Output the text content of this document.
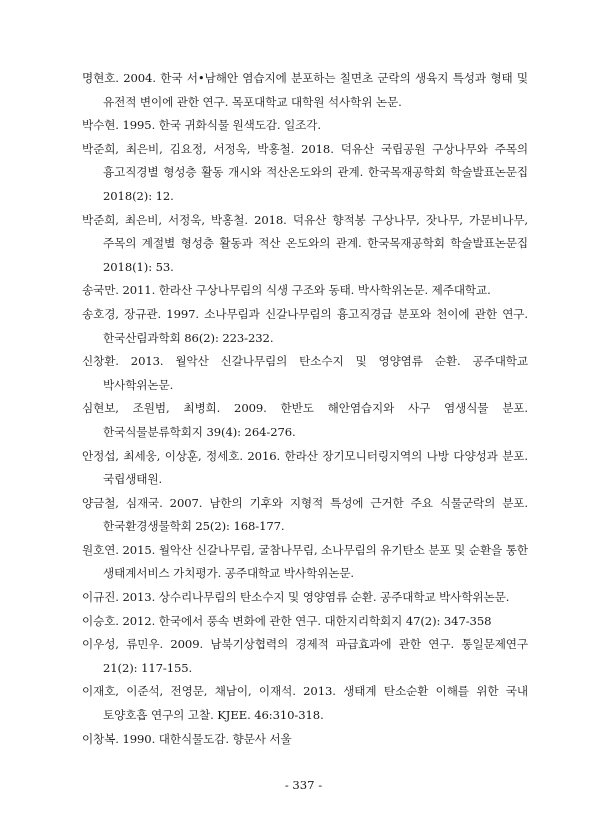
명현호. 2004. 한국 서•남해안 염습지에 분포하는 칠면초 군락의 생육지 특성과 형태 및 유전적 변이에 관한 연구. 목포대학교 대학원 석사학위 논문.
박수현. 1995. 한국 귀화식물 원색도감. 일조각.
박준희, 최은비, 김요정, 서정욱, 박홍철. 2018. 덕유산 국립공원 구상나무와 주목의 흉고직경별 형성층 활동 개시와 적산온도와의 관계. 한국목재공학회 학술발표논문집 2018(2): 12.
박준희, 최은비, 서정욱, 박홍철. 2018. 덕유산 향적봉 구상나무, 잣나무, 가문비나무, 주목의 계절별 형성층 활동과 적산 온도와의 관계. 한국목재공학회 학술발표논문집 2018(1): 53.
송국만. 2011. 한라산 구상나무림의 식생 구조와 동태. 박사학위논문. 제주대학교.
송호경, 장규관. 1997. 소나무림과 신갈나무림의 흉고직경급 분포와 천이에 관한 연구. 한국산림과학회 86(2): 223-232.
신창환. 2013. 월악산 신갈나무림의 탄소수지 및 영양염류 순환. 공주대학교 박사학위논문.
심현보, 조원범, 최병희. 2009. 한반도 해안염습지와 사구 염생식물 분포. 한국식물분류학회지 39(4): 264-276.
안정섭, 최세웅, 이상훈, 정세호. 2016. 한라산 장기모니터링지역의 나방 다양성과 분포. 국립생태원.
양금철, 심재국. 2007. 남한의 기후와 지형적 특성에 근거한 주요 식물군락의 분포. 한국환경생물학회 25(2): 168-177.
원호연. 2015. 월악산 신갈나무림, 굴참나무림, 소나무림의 유기탄소 분포 및 순환을 통한 생태계서비스 가치평가. 공주대학교 박사학위논문.
이규진. 2013. 상수리나무림의 탄소수지 및 영양염류 순환. 공주대학교 박사학위논문.
이승호. 2012. 한국에서 풍속 변화에 관한 연구. 대한지리학회지 47(2): 347-358
이우성, 류민우. 2009. 남북기상협력의 경제적 파급효과에 관한 연구. 통일문제연구 21(2): 117-155.
이재호, 이준석, 전영문, 채남이, 이재석. 2013. 생태계 탄소순환 이해를 위한 국내 토양호흡 연구의 고찰. KJEE. 46:310-318.
이창복. 1990. 대한식물도감. 향문사 서울
- 337 -
